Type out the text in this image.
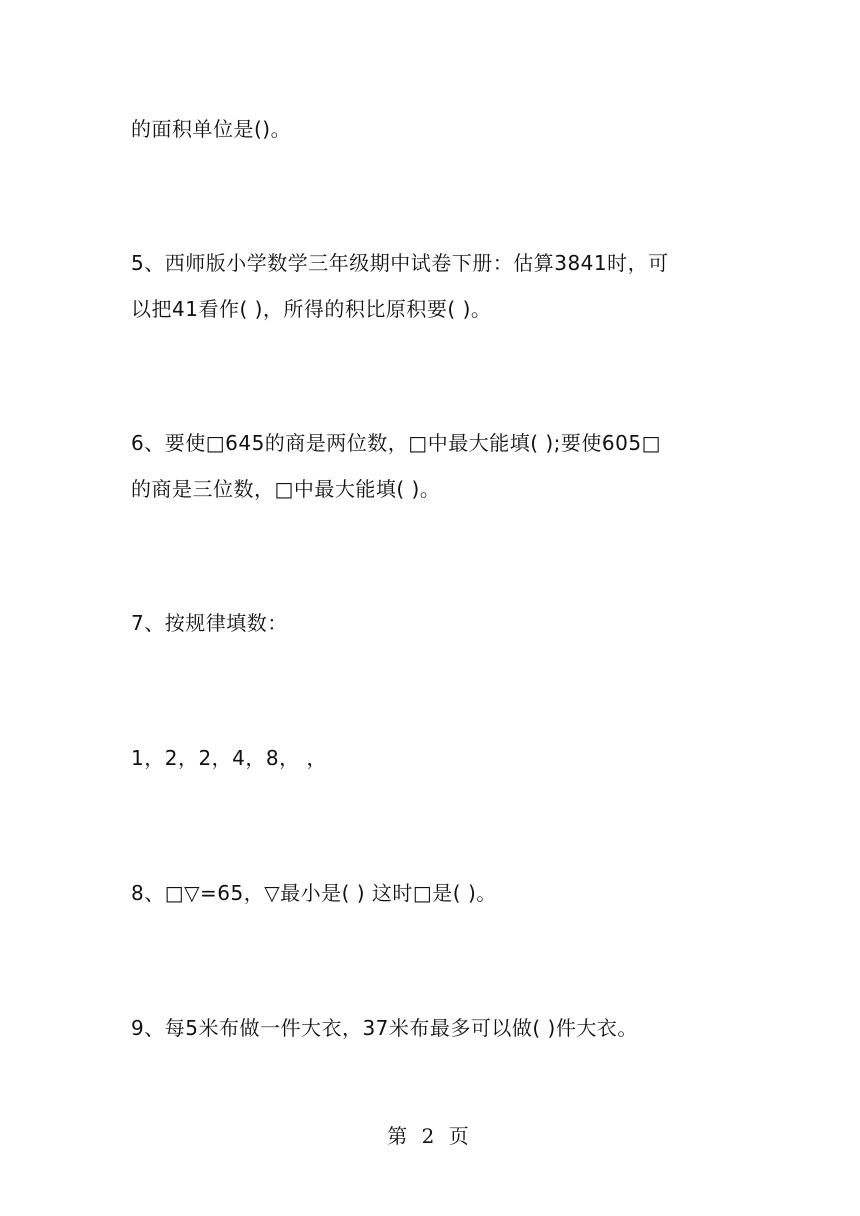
的面积单位是()。
5、西师版小学数学三年级期中试卷下册：估算3841时，可
以把41看作( )，所得的积比原积要( )。
6、要使□645的商是两位数，□中最大能填( );要使605□
的商是三位数，□中最大能填( )。
7、按规律填数：
1，2，2，4，8， ，
8、□▽=65，▽最小是( ) 这时□是( )。
9、每5米布做一件大衣，37米布最多可以做( )件大衣。
第 2 页
